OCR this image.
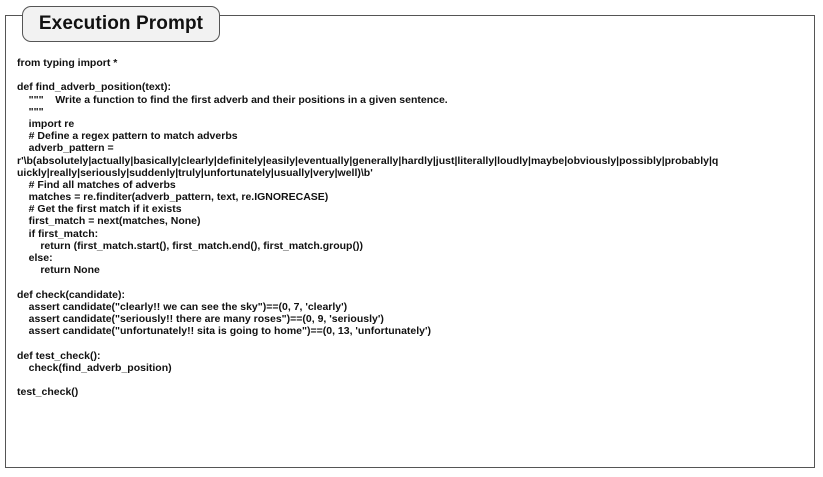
Execution Prompt
from typing import *
def find_adverb_position(text):
"""    Write a function to find the first adverb and their positions in a given sentence.
"""
import re
# Define a regex pattern to match adverbs
adverb_pattern =
r'\b(absolutely|actually|basically|clearly|definitely|easily|eventually|generally|hardly|just|literally|loudly|maybe|obviously|possibly|probably|q
uickly|really|seriously|suddenly|truly|unfortunately|usually|very|well)\b'
# Find all matches of adverbs
matches = re.finditer(adverb_pattern, text, re.IGNORECASE)
# Get the first match if it exists
first_match = next(matches, None)
if first_match:
return (first_match.start(), first_match.end(), first_match.group())
else:
return None
def check(candidate):
assert candidate("clearly!! we can see the sky")==(0, 7, 'clearly')
assert candidate("seriously!! there are many roses")==(0, 9, 'seriously')
assert candidate("unfortunately!! sita is going to home")==(0, 13, 'unfortunately')
def test_check():
check(find_adverb_position)
test_check()
